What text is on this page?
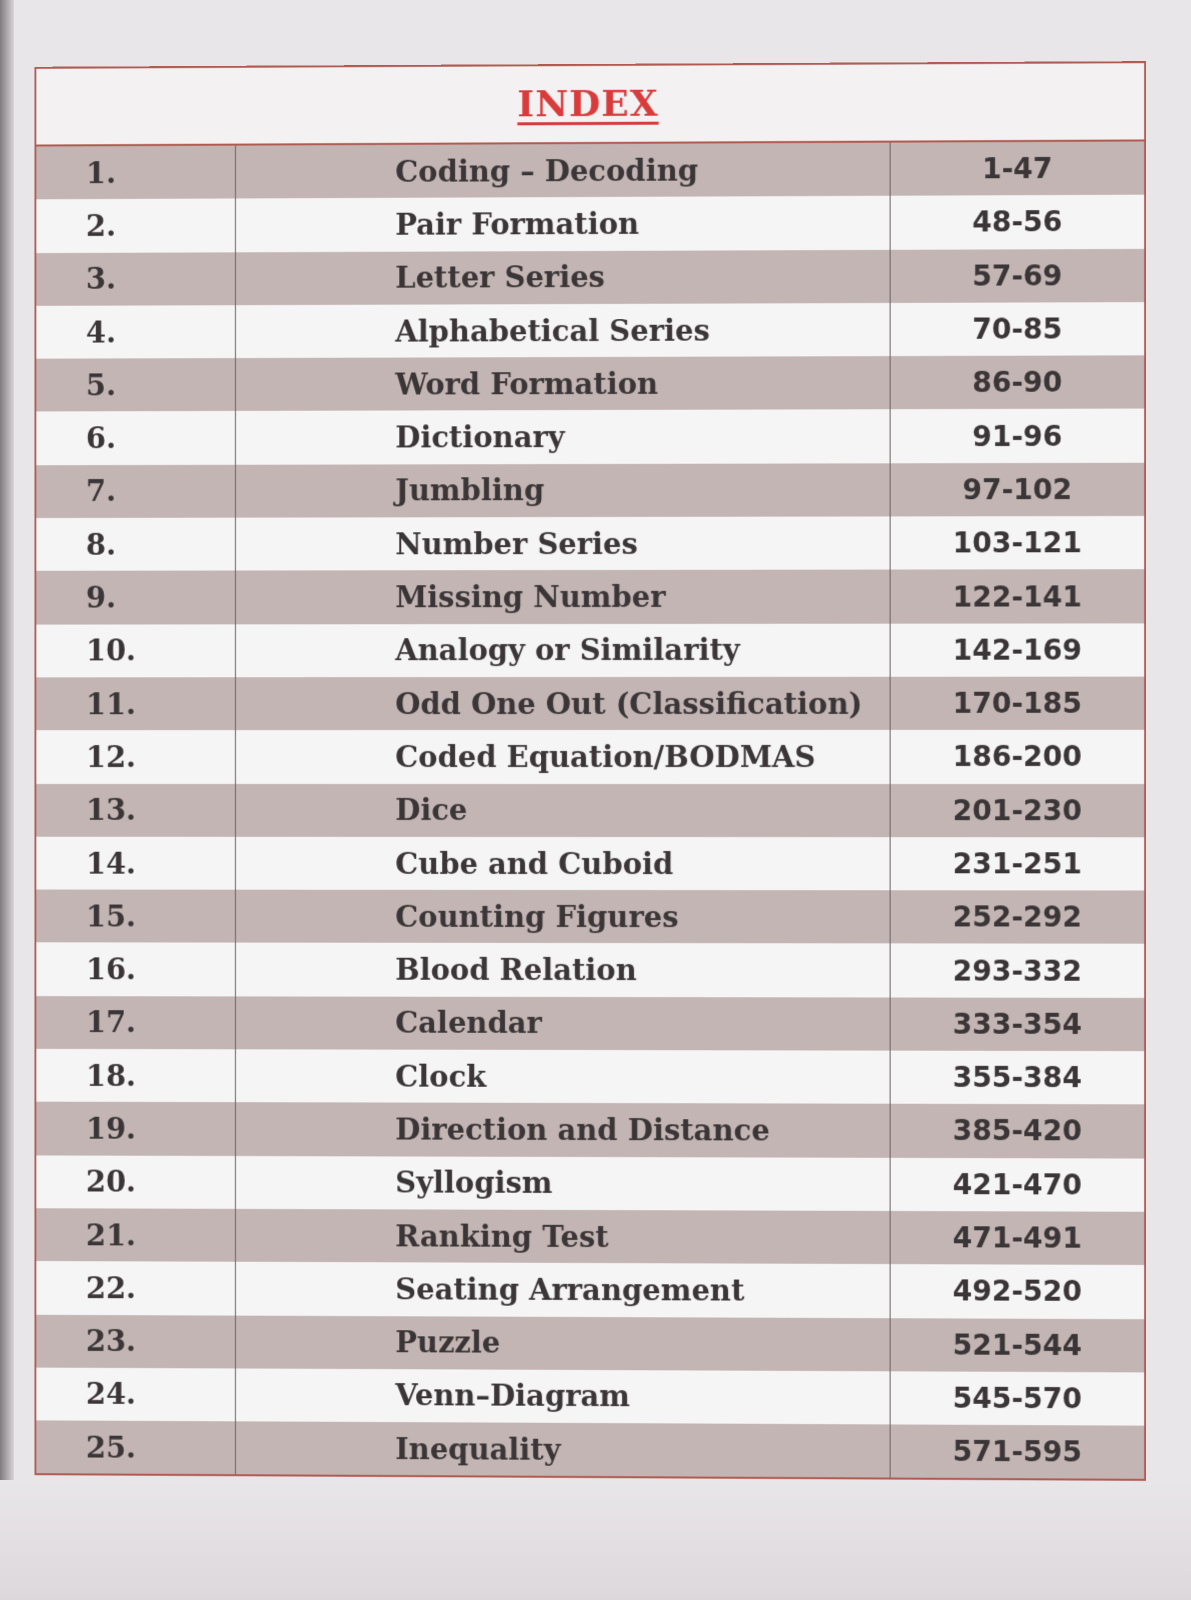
INDEX
1.	Coding – Decoding	1-47
2.	Pair Formation	48-56
3.	Letter Series	57-69
4.	Alphabetical Series	70-85
5.	Word Formation	86-90
6.	Dictionary	91-96
7.	Jumbling	97-102
8.	Number Series	103-121
9.	Missing Number	122-141
10.	Analogy or Similarity	142-169
11.	Odd One Out (Classification)	170-185
12.	Coded Equation/BODMAS	186-200
13.	Dice	201-230
14.	Cube and Cuboid	231-251
15.	Counting Figures	252-292
16.	Blood Relation	293-332
17.	Calendar	333-354
18.	Clock	355-384
19.	Direction and Distance	385-420
20.	Syllogism	421-470
21.	Ranking Test	471-491
22.	Seating Arrangement	492-520
23.	Puzzle	521-544
24.	Venn–Diagram	545-570
25.	Inequality	571-595
